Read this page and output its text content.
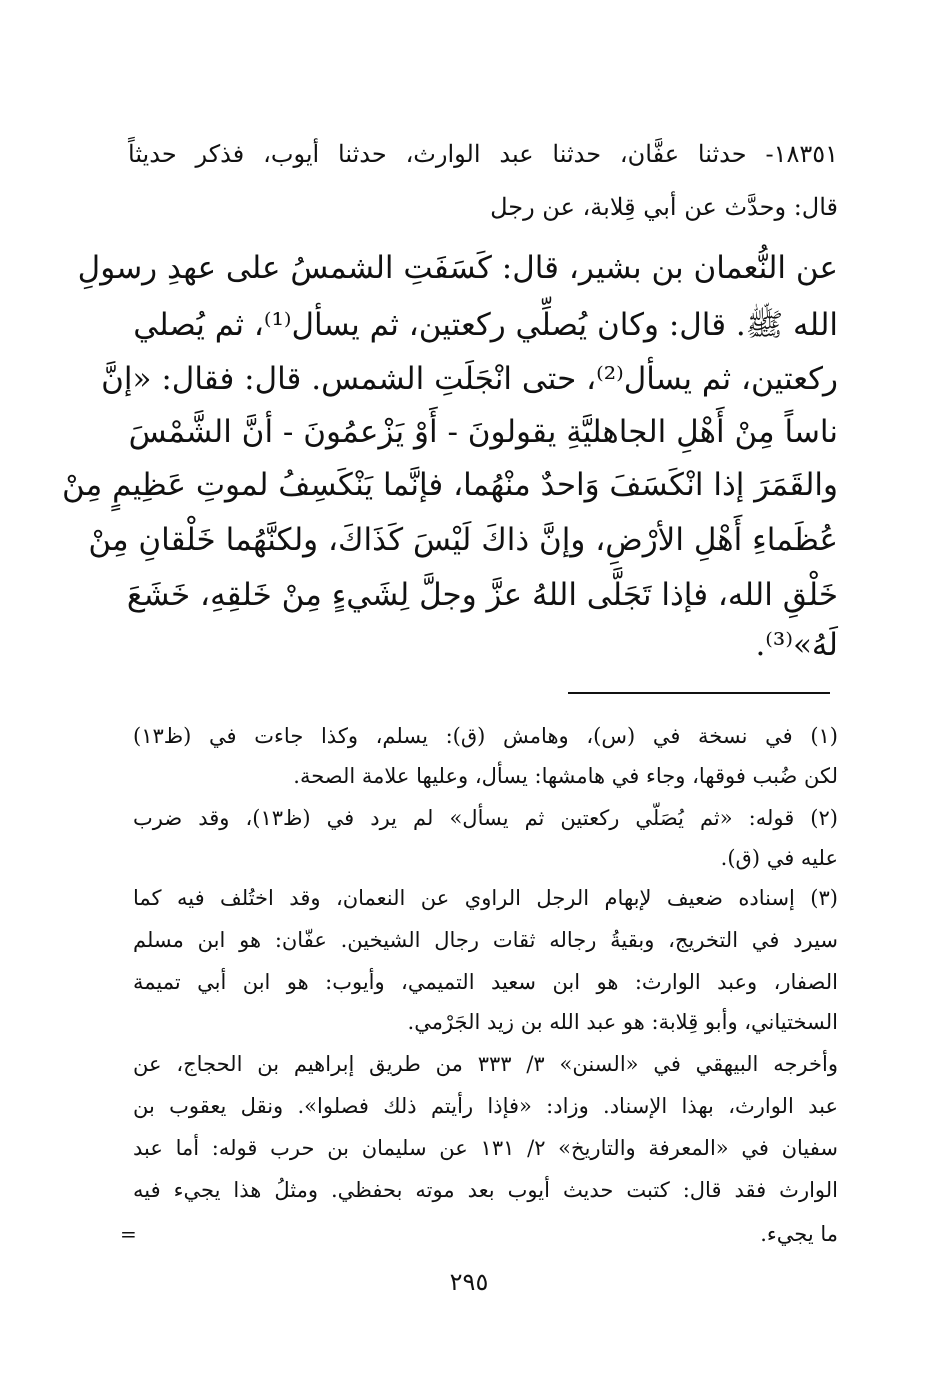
١٨٣٥١- حدثنا عفَّان، حدثنا عبد الوارث، حدثنا أيوب، فذكر حديثاً
قال: وحدَّث عن أبي قِلابة، عن رجل
عن النُّعمان بن بشير، قال: كَسَفَتِ الشمسُ على عهدِ رسولِ
الله ﷺ. قال: وكان يُصلِّي ركعتين، ثم يسأل⁽¹⁾، ثم يُصلي
ركعتين، ثم يسأل⁽²⁾، حتى انْجَلَتِ الشمس. قال: فقال: «إنَّ
ناساً مِنْ أَهْلِ الجاهليَّةِ يقولونَ - أَوْ يَزْعمُونَ - أنَّ الشَّمْسَ
والقَمَرَ إذا انْكَسَفَ وَاحدٌ منْهُما، فإنَّما يَنْكَسِفُ لموتِ عَظِيمٍ مِنْ
عُظَماءِ أَهْلِ الأرْضِ، وإنَّ ذاكَ لَيْسَ كَذَاكَ، ولكنَّهُما خَلْقانِ مِنْ
خَلْقِ الله، فإذا تَجَلَّى اللهُ عزَّ وجلَّ لِشَيءٍ مِنْ خَلقِهِ، خَشَعَ
لَهُ»⁽³⁾.
(١) في نسخة في (س)، وهامش (ق): يسلم، وكذا جاءت في (ظ١٣)
لكن ضُبب فوقها، وجاء في هامشها: يسأل، وعليها علامة الصحة.
(٢) قوله: «ثم يُصَلّي ركعتين ثم يسأل» لم يرد في (ظ١٣)، وقد ضرب
عليه في (ق).
(٣) إسناده ضعيف لإبهام الرجل الراوي عن النعمان، وقد اختُلف فيه كما
سيرد في التخريج، وبقيةُ رجاله ثقات رجال الشيخين. عفّان: هو ابن مسلم
الصفار، وعبد الوارث: هو ابن سعيد التميمي، وأيوب: هو ابن أبي تميمة
السختياني، وأبو قِلابة: هو عبد الله بن زيد الجَرْمي.
وأخرجه البيهقي في «السنن» ٣/ ٣٣٣ من طريق إبراهيم بن الحجاج، عن
عبد الوارث، بهذا الإسناد. وزاد: «فإذا رأيتم ذلك فصلوا». ونقل يعقوب بن
سفيان في «المعرفة والتاريخ» ٢/ ١٣١ عن سليمان بن حرب قوله: أما عبد
الوارث فقد قال: كتبت حديث أيوب بعد موته بحفظي. ومثلُ هذا يجيء فيه
ما يجيء.
=
٢٩٥
